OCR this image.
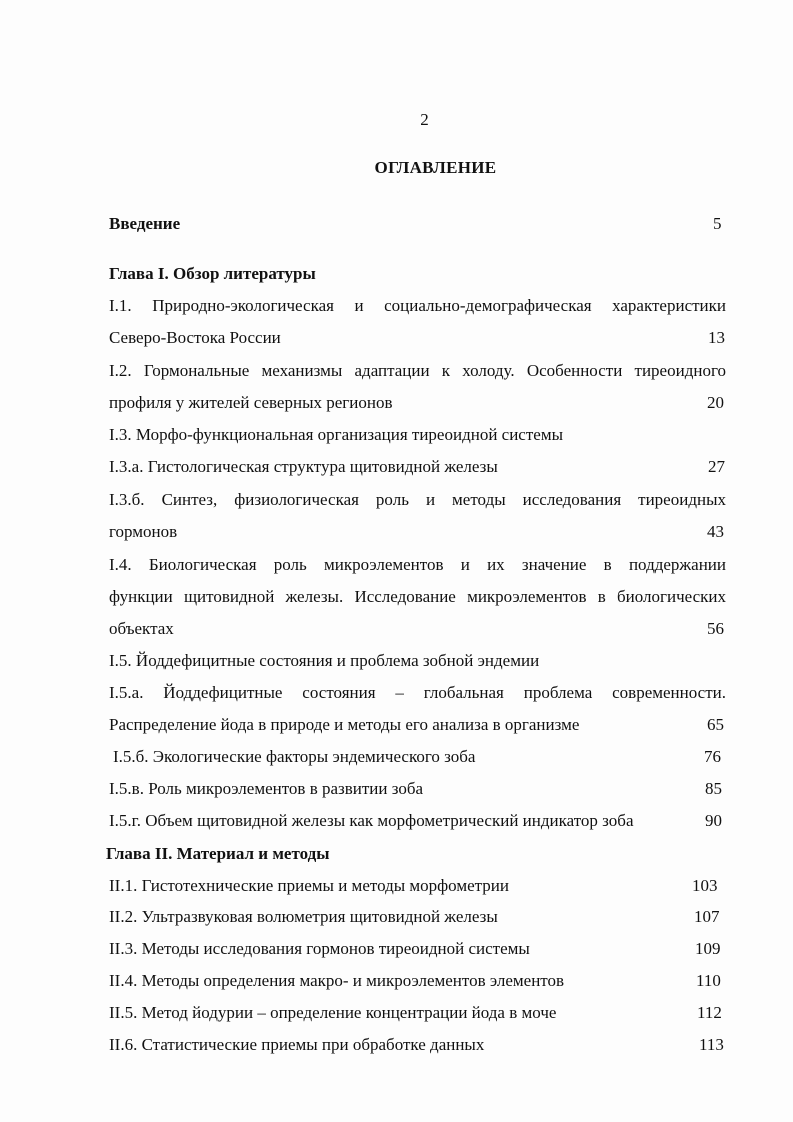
2
ОГЛАВЛЕНИЕ
Введение	5
Глава I. Обзор литературы
I.1. Природно-экологическая и социально-демографическая характеристики
Северо-Востока России	13
I.2. Гормональные механизмы адаптации к холоду. Особенности тиреоидного
профиля у жителей северных регионов	20
I.3. Морфо-функциональная организация тиреоидной системы
I.3.а. Гистологическая структура щитовидной железы	27
I.3.б. Синтез, физиологическая роль и методы исследования тиреоидных
гормонов	43
I.4. Биологическая роль микроэлементов и их значение в поддержании
функции щитовидной железы. Исследование микроэлементов в биологических
объектах	56
I.5. Йоддефицитные состояния и проблема зобной эндемии
I.5.а. Йоддефицитные состояния – глобальная проблема современности.
Распределение йода в природе и методы его анализа в организме	65
I.5.б. Экологические факторы эндемического зоба	76
I.5.в. Роль микроэлементов в развитии зоба	85
I.5.г. Объем щитовидной железы как морфометрический индикатор зоба	90
Глава II. Материал и методы
II.1. Гистотехнические приемы и методы морфометрии	103
II.2. Ультразвуковая волюметрия щитовидной железы	107
II.3. Методы исследования гормонов тиреоидной системы	109
II.4. Методы определения макро- и микроэлементов элементов	110
II.5. Метод йодурии – определение концентрации йода в моче	112
II.6. Статистические приемы при обработке данных	113
